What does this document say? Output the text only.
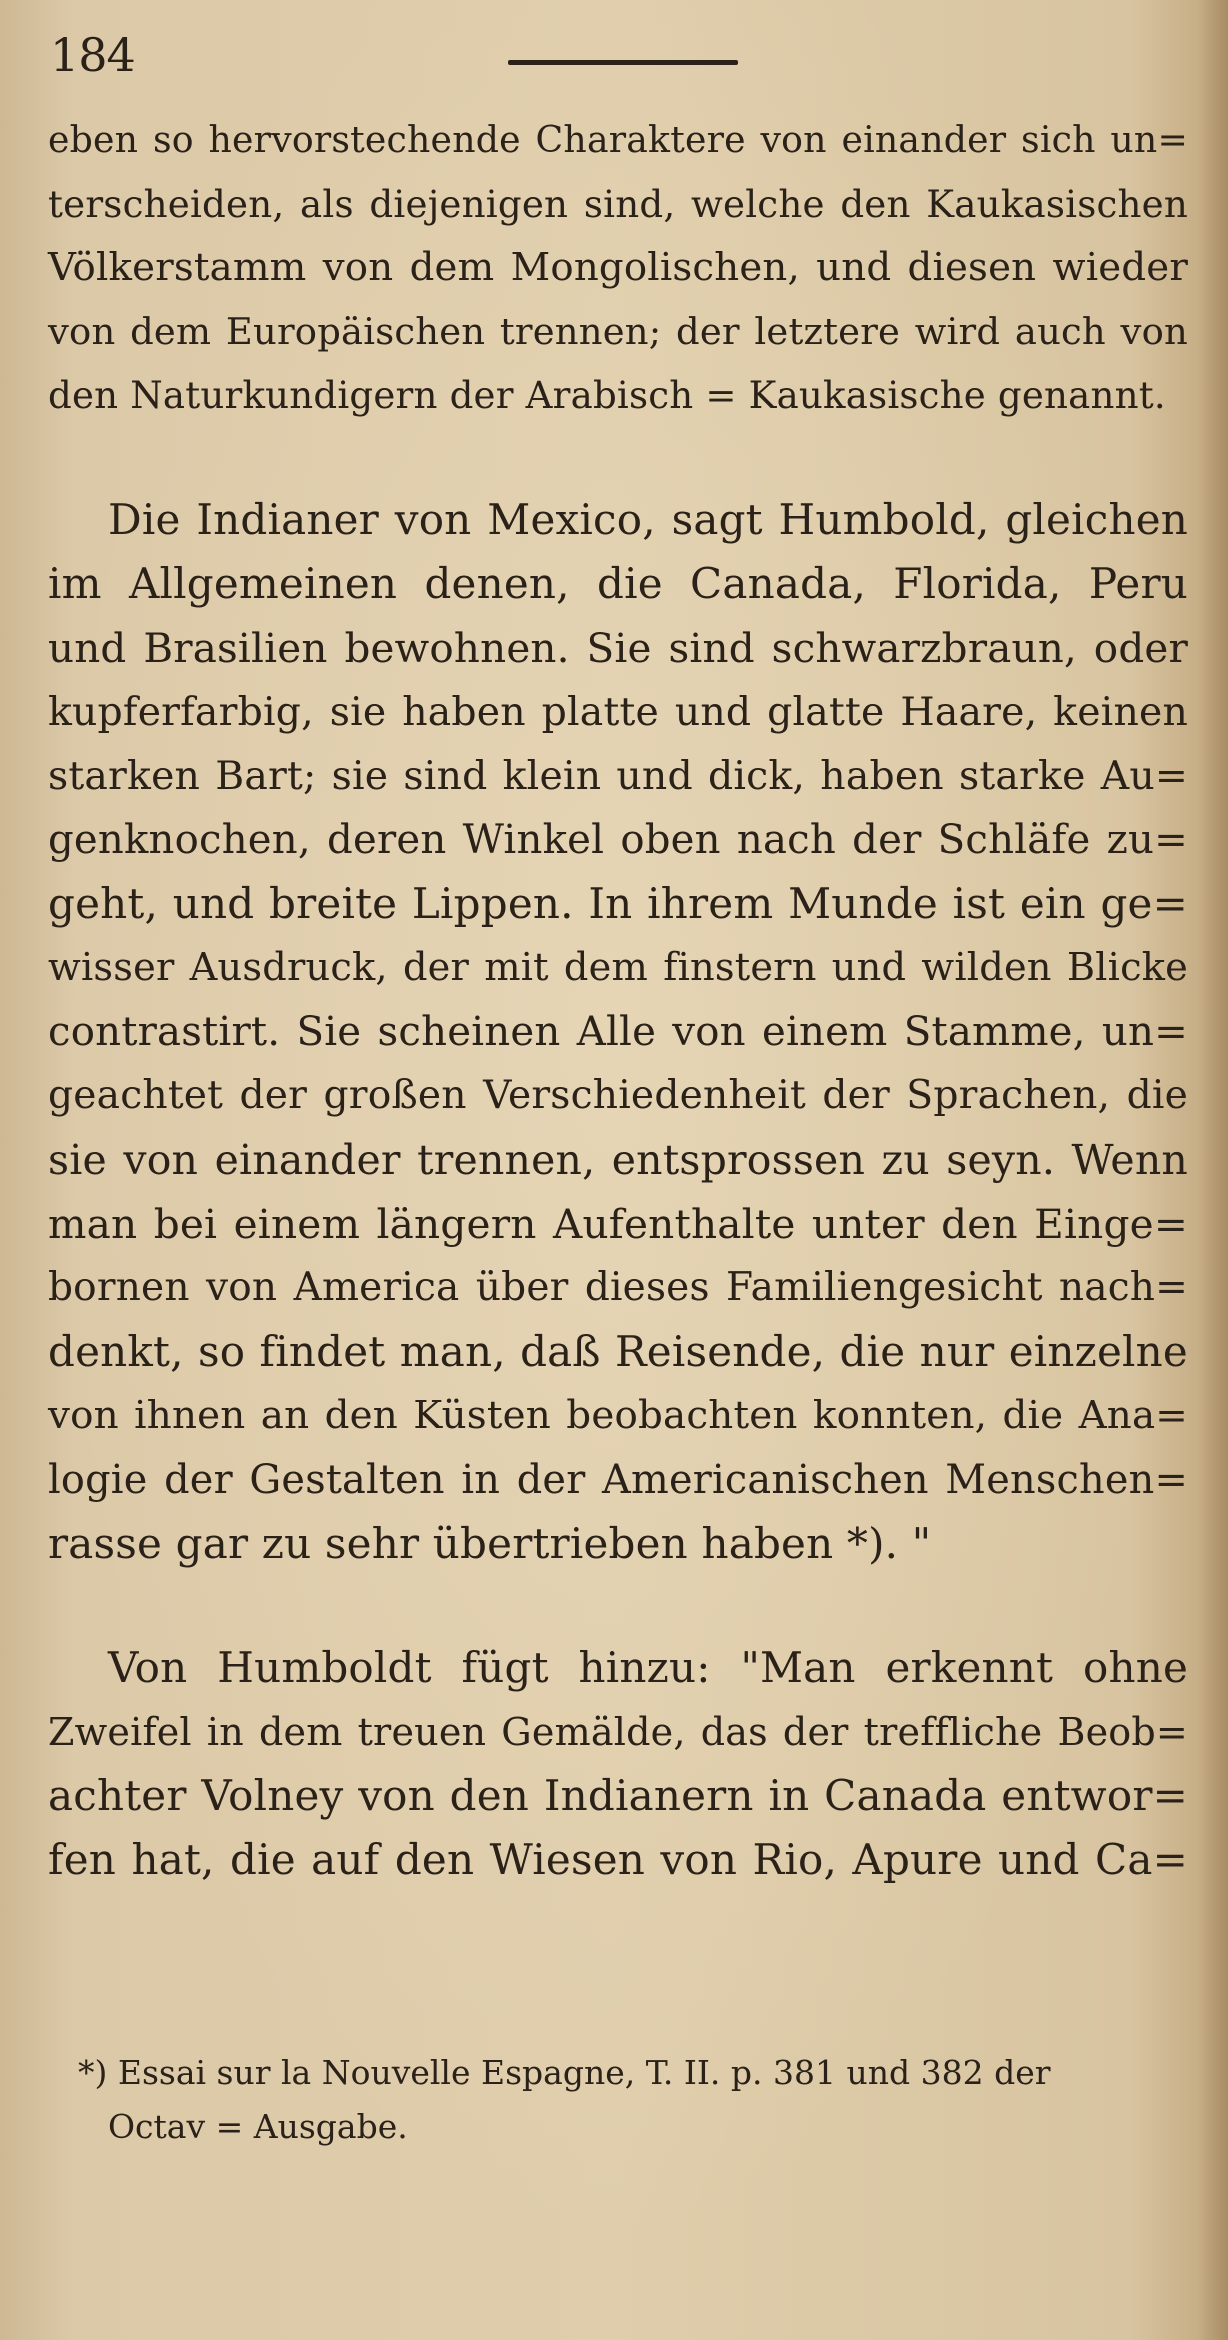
184
eben so hervorstechende Charaktere von einander sich un=
terscheiden, als diejenigen sind, welche den Kaukasischen
Völkerstamm von dem Mongolischen, und diesen wieder
von dem Europäischen trennen; der letztere wird auch von
den Naturkundigern der Arabisch = Kaukasische genannt.
Die Indianer von Mexico, sagt Humbold, gleichen
im Allgemeinen denen, die Canada, Florida, Peru
und Brasilien bewohnen. Sie sind schwarzbraun, oder
kupferfarbig, sie haben platte und glatte Haare, keinen
starken Bart; sie sind klein und dick, haben starke Au=
genknochen, deren Winkel oben nach der Schläfe zu=
geht, und breite Lippen. In ihrem Munde ist ein ge=
wisser Ausdruck, der mit dem finstern und wilden Blicke
contrastirt. Sie scheinen Alle von einem Stamme, un=
geachtet der großen Verschiedenheit der Sprachen, die
sie von einander trennen, entsprossen zu seyn. Wenn
man bei einem längern Aufenthalte unter den Einge=
bornen von America über dieses Familiengesicht nach=
denkt, so findet man, daß Reisende, die nur einzelne
von ihnen an den Küsten beobachten konnten, die Ana=
logie der Gestalten in der Americanischen Menschen=
rasse gar zu sehr übertrieben haben *). "
Von Humboldt fügt hinzu: "Man erkennt ohne
Zweifel in dem treuen Gemälde, das der treffliche Beob=
achter Volney von den Indianern in Canada entwor=
fen hat, die auf den Wiesen von Rio, Apure und Ca=
*) Essai sur la Nouvelle Espagne, T. II. p. 381 und 382 der
Octav = Ausgabe.
